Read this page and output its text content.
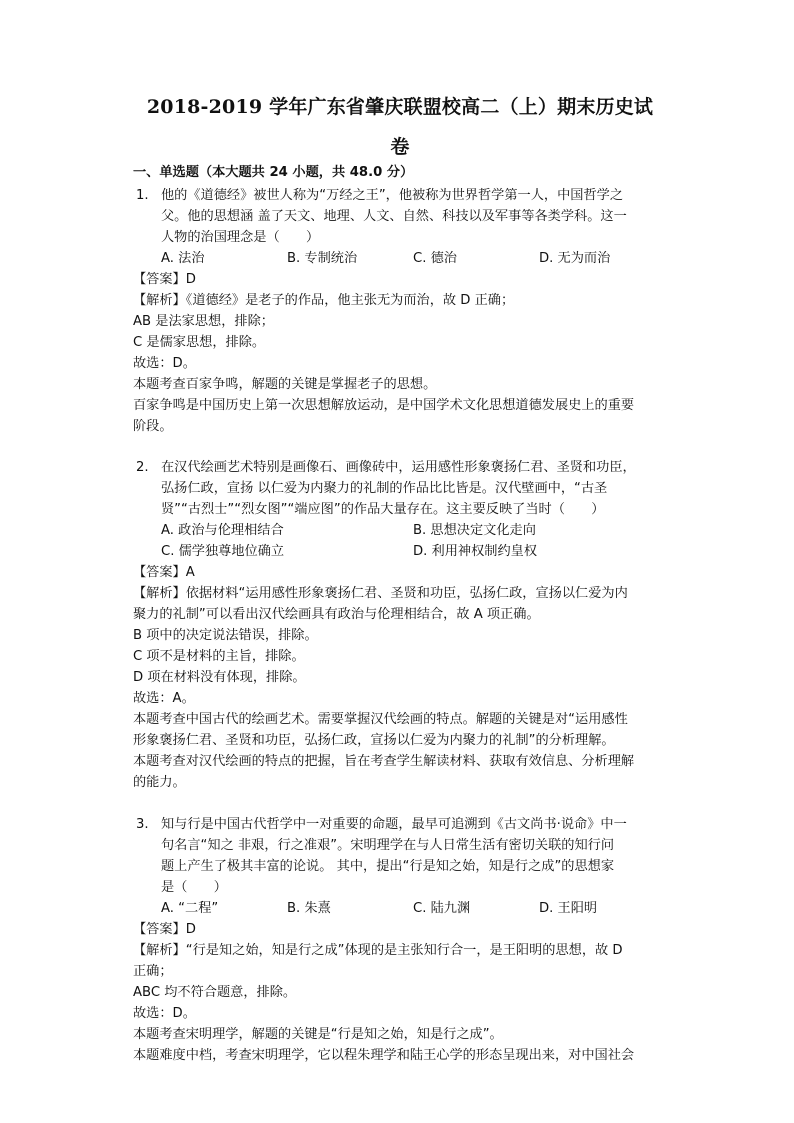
2018-2019 学年广东省肇庆联盟校高二（上）期末历史试
卷
一、单选题（本大题共 24 小题，共 48.0 分）
1. 他的《道德经》被世人称为“万经之王”，他被称为世界哲学第一人，中国哲学之
父。他的思想涵 盖了天文、地理、人文、自然、科技以及军事等各类学科。这一
人物的治国理念是（　　）
A. 法治	B. 专制统治	C. 德治	D. 无为而治
【答案】D
【解析】《道德经》是老子的作品，他主张无为而治，故 D 正确；
AB 是法家思想，排除；
C 是儒家思想，排除。
故选：D。
本题考查百家争鸣，解题的关键是掌握老子的思想。
百家争鸣是中国历史上第一次思想解放运动，是中国学术文化思想道德发展史上的重要
阶段。
2. 在汉代绘画艺术特别是画像石、画像砖中，运用感性形象褒扬仁君、圣贤和功臣，
弘扬仁政，宣扬 以仁爱为内聚力的礼制的作品比比皆是。汉代壁画中，“古圣
贤”“古烈士”“烈女图”“端应图”的作品大量存在。这主要反映了当时（　　）
A. 政治与伦理相结合	B. 思想决定文化走向
C. 儒学独尊地位确立	D. 利用神权制约皇权
【答案】A
【解析】依据材料“运用感性形象褒扬仁君、圣贤和功臣，弘扬仁政，宣扬以仁爱为内
聚力的礼制”可以看出汉代绘画具有政治与伦理相结合，故 A 项正确。
B 项中的决定说法错误，排除。
C 项不是材料的主旨，排除。
D 项在材料没有体现，排除。
故选：A。
本题考查中国古代的绘画艺术。需要掌握汉代绘画的特点。解题的关键是对“运用感性
形象褒扬仁君、圣贤和功臣，弘扬仁政，宣扬以仁爱为内聚力的礼制”的分析理解。
本题考查对汉代绘画的特点的把握，旨在考查学生解读材料、获取有效信息、分析理解
的能力。
3. 知与行是中国古代哲学中一对重要的命题，最早可追溯到《古文尚书·说命》中一
句名言“知之 非艰，行之准艰”。宋明理学在与人日常生活有密切关联的知行问
题上产生了极其丰富的论说。 其中，提出“行是知之始，知是行之成”的思想家
是（　　）
A. “二程”	B. 朱熹	C. 陆九渊	D. 王阳明
【答案】D
【解析】“行是知之始，知是行之成”体现的是主张知行合一，是王阳明的思想，故 D
正确；
ABC 均不符合题意，排除。
故选：D。
本题考查宋明理学，解题的关键是“行是知之始，知是行之成”。
本题难度中档，考查宋明理学，它以程朱理学和陆王心学的形态呈现出来，对中国社会
